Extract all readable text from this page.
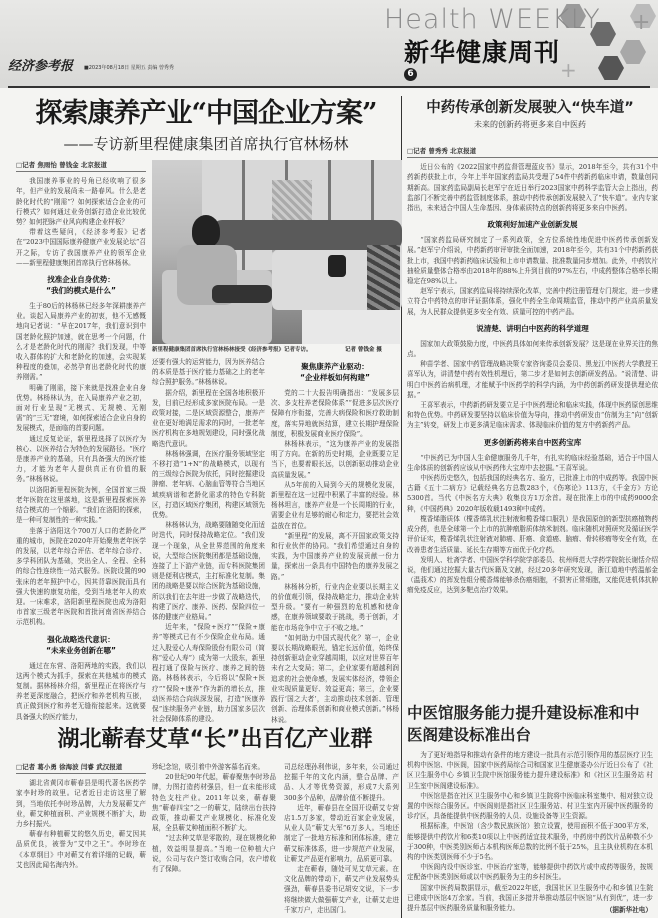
+
+
Health WEEKLY
新华健康周刊
6
经济参考报 ■2023年08月18日 星期五 责编 曾秀秀
探索康养产业“中国企业方案”
——专访新里程健康集团首席执行官林杨林
□记者 焦雨怡 曾钱金 北京报道

我国康养事业的号角已经吹响了很多年，但产业的发展尚未一路春风。什么是老龄化时代的“刚需”？如何探索适合企业的可行模式？如何通过业务创新打造企业比较优势？如何把脉产业风向构建企业样板？

带着这些疑问，《经济参考报》记者在“2023中国国际康养健康产业发展论坛”召开之际，专访了我国康养产业的领军企业——新里程健康集团首席执行官林杨林。

找准企业自身优势：
“我们的模式是什么”

生于80后的林杨林已经多年深耕康养产业。谈起入局康养产业的初衷，他不无感慨地向记者说：“早在2017年，我们意识到中国老龄化照护加速，就在思考一个问题，什么才是老龄化时代的刚需？我们发现，中等收入群体的扩大和老龄化的加速，会实现某种程度的叠加，必然孕育出老龄化时代的康养刚需。”

明确了刚需，接下来就是找准企业自身优势。林杨林认为，在入局康养产业之初，面对行业呈现“无模式、无规模、无刚需”的“三无”窘境，如何探索适合企业自身的发展模式，是面临的首要问题。

通过反复论证，新里程选择了以医疗为核心、以医养结合为特色的发展路径。“医疗是康养产业的基础，只有具备强大的医疗能力，才能为老年人提供真正有价值的服务。”林杨林说。

以洛阳新里程医院为例，全国首家三级老年医院在这里落地，这是新里程探索医养结合模式的一个缩影。“我们在洛阳的探索，是一种可复制性的一种实践。”

坐落于洛阳这个700万人口的老龄化严重的城市，医院在2020年开始聚焦老年医学的发展，以老年综合评估、老年综合诊疗、多学科团队为基础，突出全人、全程、全科的综合性连续性一站式服务。医院设置的90张床的老年照护中心，因其背靠医院而具有强大快速的康复功能，受到当地老年人的欢迎。一床难求，洛阳新里程医院也成为洛阳市首家三级老年医院和首批河南省医养结合示范机构。

强化战略迭代意识：
“未来业务创新在哪”

通过在东营、洛阳两地的实践，我们以这两个模式为抓手，探索在其他城市的模式复制。据林杨林介绍，新里程正在将医疗与养老更深度融合，把医疗和养老机构互嵌，真正做到医疗和养老无缝衔接起来。这就要具备强大的医疗能力，

新里程健康集团首席执行官林杨林接受《经济参考报》记者专访。	记者 曾钱金 摄

还要有强大的运营能力，因为医养结合的本质是基于医疗能力基础之上的老年综合照护服务。”林杨林说。

据介绍，新里程在全国各地积极开发，目前已经形成多家医院布局。一是政策对接，二是区域资源整合，康养产业在更好地满足需求的同时，一批老年医疗机构在多地规划建设，同时强化战略迭代意识。

林杨林强调，在医疗服务领域坚定不移打造“1+N”的战略模式，以现有的三级综合医院为依托，同时挖掘建设肿瘤、老年病、心脑血管等符合当地区域疾病谱和老龄化需求的特色专科院区，打造区域医疗集团，构建区域领先优势。

林杨林认为，战略要随随变化而适时迭代，同时保持战略定位。“我们发现一个现象，从全世界范围的角度来说，大型综合医院集团都是基础设施，连接了上下游产业链，而专科医院集团则是便利店模式，主打标准化复制。集团的战略是要以综合医院为基础设施，所以我们在去年进一步做了战略迭代，构建了医疗、康养、医药、保险四位一体的健康产业格局。”

近年来，“保险+医疗”“保险+康养”等模式已有不少保险企业布局。通过入股爱心人寿保险股份有限公司（简称“爱心人寿”）成为第一大股东，新里程打通了保险与医疗、康养之间的链路。林杨林表示，今后将以“保险+医疗”“保险+康养”作为新的增长点，推动医养结合向纵深发展，打造“医康养保”连续服务产业链，助力国家多层次社会保障体系的建设。

聚焦康养产业驱动：
“企业样板如何构建”

党的二十大报告明确指出：“发展多层次、多支柱养老保险体系”“促进多层次医疗保障有序衔接，完善大病保险和医疗救助制度，落实异地就医结算，建立长期护理保险制度，积极发展商业医疗保险”。

林杨林表示，“这为康养产业的发展指明了方向。在新的历史时期，企业既要立足当下，也要着眼长远，以创新驱动推动企业高质量发展。”

从5年前的入局到今天的规模化发展，新里程在这一过程中积累了丰富的经验。林杨林坦言，康养产业是一个长周期的行业，需要企业有足够的耐心和定力，要把社会效益放在首位。

“新里程”的发展，离不开国家政策支持和行业伙伴的协同。“我们希望通过自身的实践，为中国康养产业的发展贡献一份力量，探索出一条具有中国特色的康养发展之路。”

林杨林分析，行业内企业要以长期主义的价值观引领，保持战略定力，推动企业转型升级。“要有一种强烈的危机感和使命感，在康养领域要敢于挑战，勇于创新，才能在市场竞争中立于不败之地。”

“如何助力中国式现代化？第一，企业要以长期战略眼光，锚定长远价值，始终保持创新驱动企业穿越周期，以应对世界百年未有之大变局；第二，企业家要有超越利润追求的社会使命感，发展实体经济，带领企业实现质量更好、效益更高；第三，企业要践行‘国之大者’，主动推动技术创新、管理创新、治理体系创新和商业模式创新。”林杨林说。

湖北蕲春艾草“长”出百亿产业群
□记者 葛小勇 徐海波 闫睿 武汉报道

湖北省黄冈市蕲春县是明代著名医药学家李时珍的故里。记者近日走访这里了解到，当地依托李时珍品牌，大力发展蕲艾产业，蕲艾种植面积、产业规模不断扩大，助力乡村振兴。

蕲春有种植蕲艾的悠久历史，蕲艾因其品质优良，被誉为“艾中之王”。李时珍在《本草纲目》中对蕲艾有着详细的记载，蕲艾也因此闻名海内外。

珍纪念馆，吸引着中外游客慕名而来。

20世纪90年代起，蕲春聚焦李时珍品牌，力图打造药材强县，但一直未能形成特色支柱产业。2011年以来，蕲春聚焦“蕲春四宝”之一的蕲艾，陆续出台扶持政策，推动蕲艾产业规模化、标准化发展，全县蕲艾种植面积不断扩大。

“过去种艾草是零散的，现在规模化种植，效益明显提高。”当地一位种植大户说，公司与农户签订收购合同，农户增收有了保障。

司总经理孙利伟说，多年来，公司通过挖掘千年的文化内涵，整合品牌、产品、人才等优势资源，形成7大系列300多个品种，品牌价值不断提升。

近年，蕲春县在全国开设蕲艾专营店1.5万多家，带动近百家企业发展，从业人员“蕲艾大军”6万多人。当地还制定了一批地方标准和团体标准，建立蕲艾标准体系，进一步规范产业发展，让蕲艾产品更有影响力，品质更可靠。

走在蕲春，随处可见艾草元素。在文化品牌的带动下，蕲艾产业发展势头强劲，蕲春县委书记胡安文说，下一步将继续做大做强蕲艾产业，让蕲艾走进千家万户，走出国门。

中药传承创新发展驶入“快车道”
未来的创新药将更多来自中医药
□记者 曾秀秀 北京报道

近日公布的《2022国家中药监督管理蓝皮书》显示，2018年至今，共有31个中药新药获批上市，今年上半年国家药监局共受理了54件中药新药临床申请，数量创同期新高。国家药监局副局长赵军宁在近日举行2023国家中药科学监管大会上指出，药监部门不断完善中药监管制度体系，推动中药传承创新发展驶入了“快车道”。业内专家指出，未来适合中国人生命基因、身体素质特点的创新药将更多来自中医药。

政策利好加速产业创新发展

“国家药监局研究制定了一系列政策，全方位系统性地促进中医药传承创新发展。”赵军宁介绍说，中药新药审评审批全面加速，2018年至今，共有31个中药新药获批上市，我国中药新药临床试验和上市申请数量、批准数量同步增加。此外，中药饮片抽检质量整体合格率由2018年的88%上升到目前的97%左右，中成药整体合格率长期稳定在98%以上。

赵军宁表示，国家药监局将持续深化改革，完善中药注册管理专门规定，进一步建立符合中药特点的审评证据体系，强化中药全生命周期监管，推动中药产业高质量发展，为人民群众提供更多安全有效、质量可控的中药产品。

说清楚、讲明白中医药的科学道理

国家加大政策鼓励力度，中医药具体如何来传承创新发展？这是现在业界关注的焦点。

种苗学者、国家中药管理战略决策专家咨询委员会委员、黑龙江中医药大学教授王喜军认为，讲清楚中药有效性机理后，第二步才是如何去创新研发药品。“说清楚、讲明白中医药治病机理，才能赋予中医药学的科学内涵，为中药创新药研发提供理论依据。”

王喜军表示，中药新药研发要立足于中医药理论和临床实践，体现中医药原创思维和特色优势。中药研发要坚持以临床价值为导向，推动中药研发由“仿制为主”向“创新为主”转变，研发上市更多满足临床需求、体现临床价值的复方中药新药产品。

更多创新药将来自中医药宝库

“中医药已为中国人生命健康服务几千年，有扎实的临床经验基础，适合于中国人生命体质的创新药应该从中医药伟大宝库中去挖掘。”王喜军说。

中医药历史悠久，包括我国的经典名方、验方，已批准上市的中成药等。我国中医古籍《五十二病方》记载经典名方总数283个，《伤寒论》113方，《千金方》方论5300首。当代《中医名方大典》收集良方1万余首。现在批准上市的中成药9000余种，《中国药典》2020年版收载1493种中成药。

榄香烯脂质体（榄香烯乳状注射液和榄香烯口服乳）是我国原创的新型抗癌植物药成分药，也是全球第一个上市的抗肿瘤脂质体纳米制剂。临床随机对照研究及循证医学评价证实，榄香烯乳状注射液对肺癌、肝癌、食道癌、脑瘤、骨转移瘤等安全有效，在改善患者生活质量、延长生存期等方面优于化疗药。

发明人、牡斋学者、中国医学科学院学部委员、杭州师范大学药学院院长谢恬介绍说，他们通过挖掘大量古代医籍及文献，经过20多年研究发现，浙江道地中药温郁金（温莪术）的挥发性组分榄香烯能够杀伤癌细胞，不损害正常细胞，又能促进机体抗肿瘤免疫反应，达到多靶点治疗效果。

中医馆服务能力提升建设标准和中医阁建设标准出台

为了更好地指导和推动有条件的地方建设一批具有示范引领作用的基层医疗卫生机构中医馆、中医阁，国家中医药局综合司和国家卫生健康委办公厅近日公布了《社区卫生服务中心 乡镇卫生院中医馆服务能力提升建设标准》和《社区卫生服务站 村卫生室中医阁建设标准》。

中医馆是指在社区卫生服务中心和乡镇卫生院将中医临床科室集中、相对独立设置的中医综合服务区。中医阁则是指社区卫生服务站、村卫生室内开展中医药服务的诊疗区，具备能提供中医药服务的人员、设施设备等卫生资源。

根据标准，中医馆（含少数民族医馆）独立设置，使用面积不低于300平方米，能够提供中药饮片和6类10项以上中医药适宜技术服务，中药房中药饮片品种数不少于300种，中医类别医师占本机构医师总数的比例不低于25%，且主执业机构在本机构的中医类别医师不少于5名。

中医阁内设中医诊室、中医治疗室等，能够提供中药饮片或中成药等服务，按规定配备中医类别医师或以中医药服务为主的乡村医生。

国家中医药局数据显示，截至2022年底，我国社区卫生服务中心和乡镇卫生院已建成中医馆4万余家。当前，我国正多措并举推动基层中医馆“从有到优”，进一步提升基层中医药服务质量和服务能力。	（据新华社电）
